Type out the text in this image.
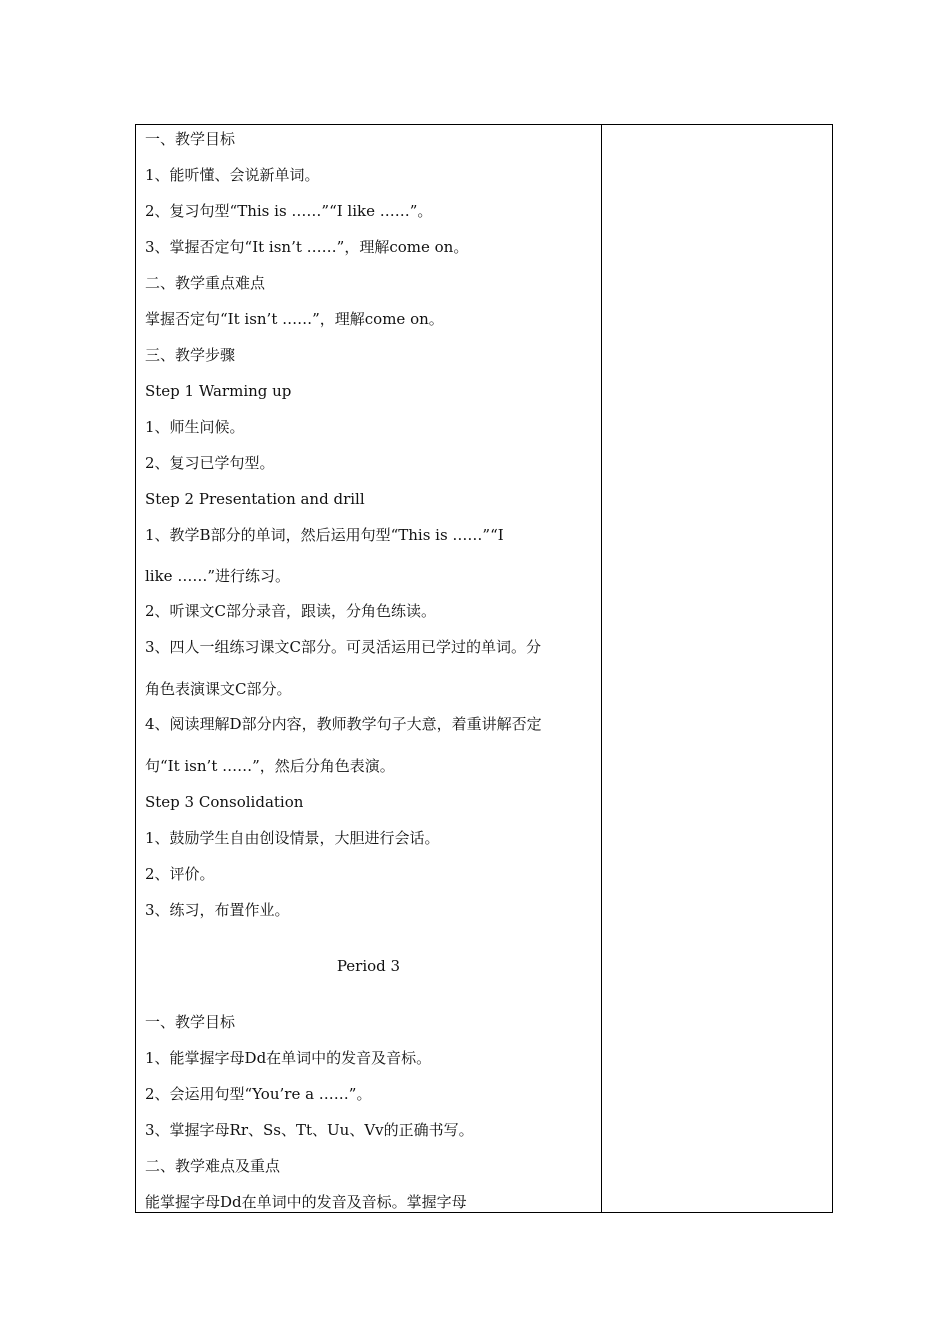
一、教学目标

1、能听懂、会说新单词。

2、复习句型“This is ……”“I like ……”。

3、掌握否定句“It isn’t ……”，理解come on。

二、教学重点难点

掌握否定句“It isn’t ……”，理解come on。

三、教学步骤

Step 1 Warming up

1、师生问候。

2、复习已学句型。

Step 2 Presentation and drill

1、教学B部分的单词，然后运用句型“This is ……”“I

like ……”进行练习。

2、听课文C部分录音，跟读，分角色练读。

3、四人一组练习课文C部分。可灵活运用已学过的单词。分

角色表演课文C部分。

4、阅读理解D部分内容，教师教学句子大意，着重讲解否定

句“It isn’t ……”，然后分角色表演。

Step 3 Consolidation

1、鼓励学生自由创设情景，大胆进行会话。

2、评价。

3、练习，布置作业。

Period 3

一、教学目标

1、能掌握字母Dd在单词中的发音及音标。

2、会运用句型“You’re a ……”。

3、掌握字母Rr、Ss、Tt、Uu、Vv的正确书写。

二、教学难点及重点

能掌握字母Dd在单词中的发音及音标。掌握字母
